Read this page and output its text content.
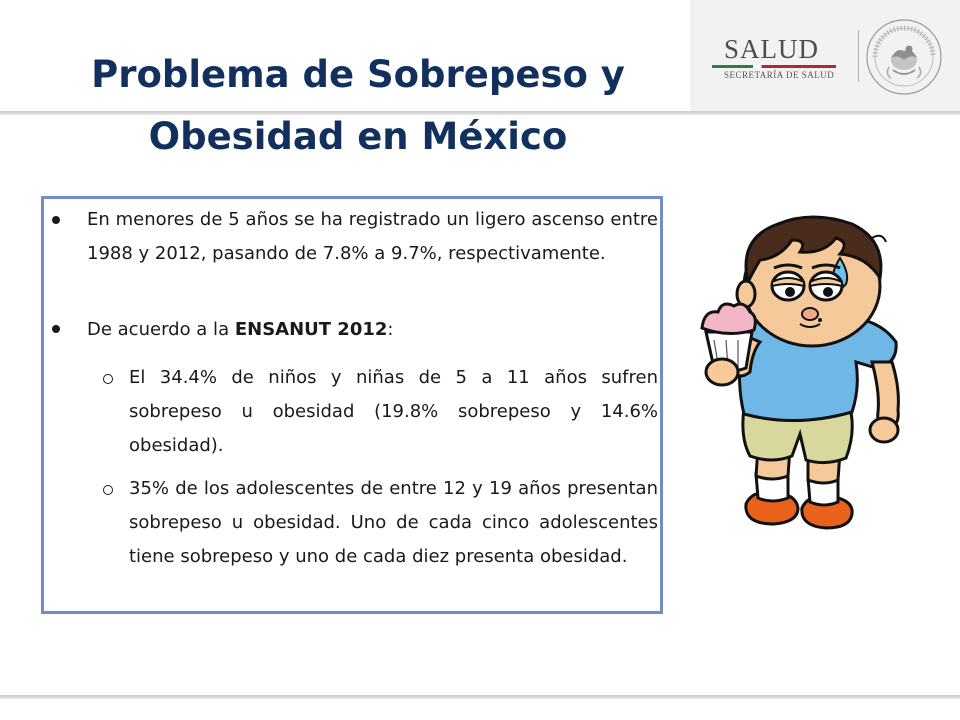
SALUD
SECRETARÍA DE SALUD
Problema de Sobrepeso y
Obesidad en México
En menores de 5 años se ha registrado un ligero ascenso entre 1988 y 2012, pasando de 7.8% a 9.7%, respectivamente.
De acuerdo a la ENSANUT 2012:
El 34.4% de niños y niñas de 5 a 11 años sufren sobrepeso u obesidad (19.8% sobrepeso y 14.6% obesidad).
35% de los adolescentes de entre 12 y 19 años presentan sobrepeso u obesidad. Uno de cada cinco adolescentes tiene sobrepeso y uno de cada diez presenta obesidad.
